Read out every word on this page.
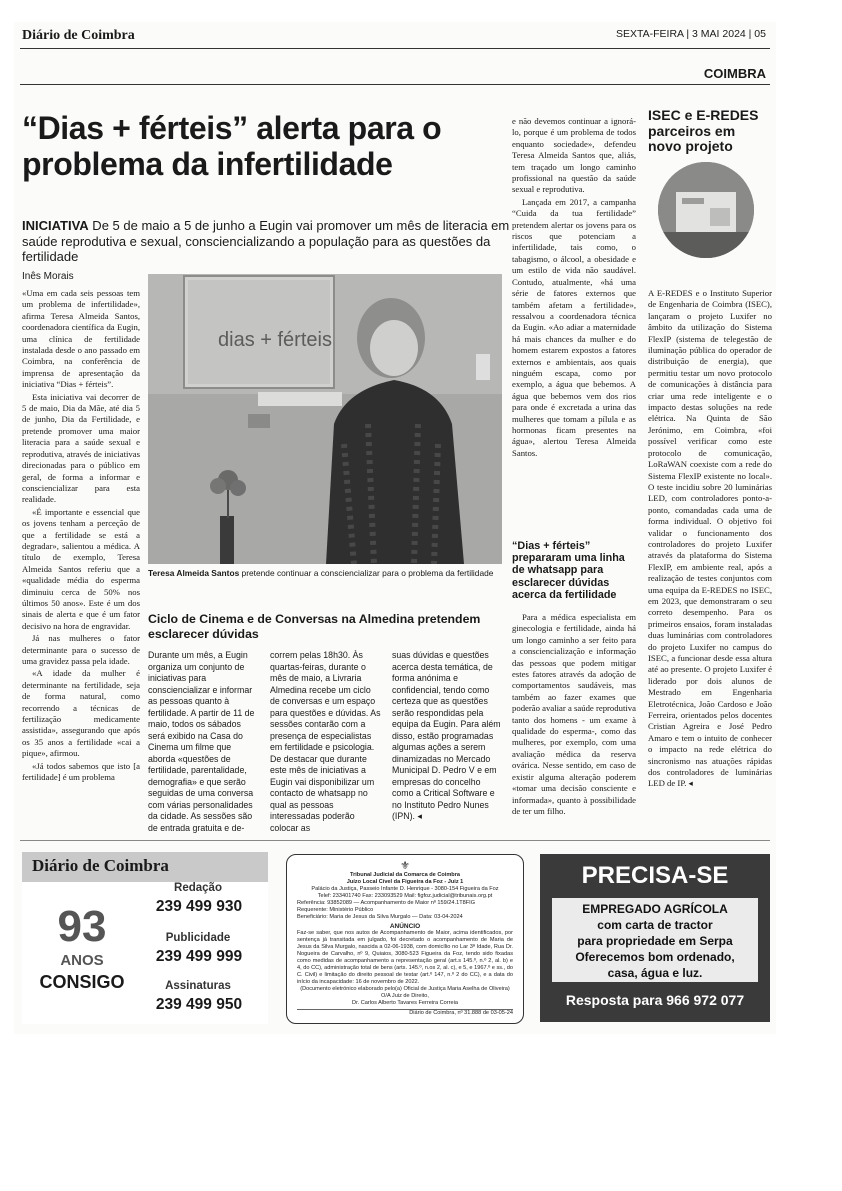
Diário de Coimbra	SEXTA-FEIRA | 3 MAI 2024 | 05
COIMBRA
“Dias + férteis” alerta para o problema da infertilidade
INICIATIVA De 5 de maio a 5 de junho a Eugin vai promover um mês de literacia em saúde reprodutiva e sexual, consciencializando a população para as questões da fertilidade
Inês Morais

«Uma em cada seis pessoas tem um problema de infertilidade», afirma Teresa Almeida Santos, coordenadora científica da Eugin, uma clínica de fertilidade instalada desde o ano passado em Coimbra, na conferência de imprensa de apresentação da iniciativa “Dias + férteis”.

Esta iniciativa vai decorrer de 5 de maio, Dia da Mãe, até dia 5 de junho, Dia da Fertilidade, e pretende promover uma maior literacia para a saúde sexual e reprodutiva, através de iniciativas direcionadas para o público em geral, de forma a informar e consciencializar para esta realidade.

«É importante e essencial que os jovens tenham a perceção de que a fertilidade se está a degradar», salientou a médica. A título de exemplo, Teresa Almeida Santos referiu que a «qualidade média do esperma diminuiu cerca de 50% nos últimos 50 anos». Este é um dos sinais de alerta e que é um fator decisivo na hora de engravidar.

Já nas mulheres o fator determinante para o sucesso de uma gravidez passa pela idade.

«A idade da mulher é determinante na fertilidade, seja de forma natural, como recorrendo a técnicas de fertilização medicamente assistida», assegurando que após os 35 anos a fertilidade «cai a pique», afirmou.

«Já todos sabemos que isto [a fertilidade] é um problema

dias + férteis
Teresa Almeida Santos pretende continuar a consciencializar para o problema da fertilidade

e não devemos continuar a ignorá-lo, porque é um problema de todos enquanto sociedade», defendeu Teresa Almeida Santos que, aliás, tem traçado um longo caminho profissional na questão da saúde sexual e reprodutiva.

Lançada em 2017, a campanha “Cuida da tua fertilidade” pretendem alertar os jovens para os riscos que potenciam a infertilidade, tais como, o tabagismo, o álcool, a obesidade e um estilo de vida não saudável. Contudo, atualmente, «há uma série de fatores externos que também afetam a fertilidade», ressalvou a coordenadora técnica da Eugin. «Ao adiar a maternidade há mais chances da mulher e do homem estarem expostos a fatores externos e ambientais, aos quais ninguém escapa, como por exemplo, a água que bebemos. A água que bebemos vem dos rios para onde é excretada a urina das mulheres que tomam a pílula e as hormonas ficam presentes na água», alertou Teresa Almeida Santos.

“Dias + férteis” prepararam uma linha de whatsapp para esclarecer dúvidas acerca da fertilidade

Para a médica especialista em ginecologia e fertilidade, ainda há um longo caminho a ser feito para a consciencialização e informação das pessoas que podem mitigar estes fatores através da adoção de comportamentos saudáveis, mas também ao fazer exames que poderão avaliar a saúde reprodutiva tanto dos homens - um exame à qualidade do esperma-, como das mulheres, por exemplo, com uma avaliação médica da reserva ovárica. Nesse sentido, em caso de existir alguma alteração poderem «tomar uma decisão consciente e informada», quanto à possibilidade de ter um filho.

Ciclo de Cinema e de Conversas na Almedina pretendem esclarecer dúvidas
Durante um mês, a Eugin organiza um conjunto de iniciativas para consciencializar e informar as pessoas quanto à fertilidade. A partir de 11 de maio, todos os sábados será exibido na Casa do Cinema um filme que aborda «questões de fertilidade, parentalidade, demografia» e que serão seguidas de uma conversa com várias personalidades da cidade. As sessões são de entrada gratuita e de-
correm pelas 18h30. Às quartas-feiras, durante o mês de maio, a Livraria Almedina recebe um ciclo de conversas e um espaço para questões e dúvidas. As sessões contarão com a presença de especialistas em fertilidade e psicologia. De destacar que durante este mês de iniciativas a Eugin vai disponibilizar um contacto de whatsapp no qual as pessoas interessadas poderão colocar as
suas dúvidas e questões acerca desta temática, de forma anónima e confidencial, tendo como certeza que as questões serão respondidas pela equipa da Eugin. Para além disso, estão programadas algumas ações a serem dinamizadas no Mercado Municipal D. Pedro V e em empresas do concelho como a Critical Software e no Instituto Pedro Nunes (IPN). ◂
ISEC e E-REDES parceiros em novo projeto

A E-REDES e o Instituto Superior de Engenharia de Coimbra (ISEC), lançaram o projeto Luxifer no âmbito da utilização do Sistema FlexIP (sistema de telegestão de iluminação pública do operador de distribuição de energia), que permitiu testar um novo protocolo de comunicações à distância para criar uma rede inteligente e o impacto destas soluções na rede elétrica. Na Quinta de São Jerónimo, em Coimbra, «foi possível verificar como este protocolo de comunicação, LoRaWAN coexiste com a rede do Sistema FlexIP existente no local». O teste incidiu sobre 20 luminárias LED, com controladores ponto-a-ponto, comandadas cada uma de forma individual. O objetivo foi validar o funcionamento dos controladores do projeto Luxifer através da plataforma do Sistema FlexIP, em ambiente real, após a realização de testes conjuntos com uma equipa da E-REDES no ISEC, em 2023, que demonstraram o seu correto desempenho. Para os primeiros ensaios, foram instaladas duas luminárias com controladores do projeto Luxifer no campus do ISEC, a funcionar desde essa altura até ao presente. O projeto Luxifer é liderado por dois alunos de Mestrado em Engenharia Eletrotécnica, João Cardoso e João Ferreira, orientados pelos docentes Cristian Agreira e José Pedro Amaro e tem o intuito de conhecer o impacto na rede elétrica do sincronismo nas atuações rápidas dos controladores de luminárias LED de IP. ◂

Diário de Coimbra
93
ANOS
CONSIGO
Redação
239 499 930
Publicidade
239 499 999
Assinaturas
239 499 950
⚜
Tribunal Judicial da Comarca de Coimbra
Juízo Local Cível da Figueira da Foz - Juiz 1
Palácio da Justiça, Passeio Infante D. Henrique - 3080-154 Figueira da Foz
Telef: 233401740 Fax: 233093529 Mail: figfoz.judicial@tribunais.org.pt
Referência: 93852089 — Acompanhamento de Maior nº 159/24.1T8FIG
Requerente: Ministério Público
Beneficiário: Maria de Jesus da Silva Murgalo — Data: 03-04-2024
ANÚNCIO
Faz-se saber, que nos autos de Acompanhamento de Maior, acima identificados, por sentença já transitada em julgado, foi decretado o acompanhamento de Maria de Jesus da Silva Murgalo, nascida a 02-06-1938, com domicílio no Lar 3ª Idade, Rua Dr. Nogueira de Carvalho, nº 9, Quiaios, 3080-523 Figueira da Foz, tendo sido fixadas como medidas de acompanhamento a representação geral (art.s 145.º, n.º 2, al. b) e 4, do CC), administração total de bens (arts. 145.º, n.os 2, al. c), e 5, e 1967.º e ss., do C. Civil) e limitação do direito pessoal de testar (art.º 147, n.º 2 do CC), e a data do início da incapacidade: 16 de novembro de 2022.
(Documento eletrónico elaborado pelo(a) Oficial de Justiça Maria Aselha de Oliveira)
O/A Juiz de Direito,
Dr. Carlos Alberto Tavares Ferreira Correia
Diário de Coimbra, nº 31.888 de 03-05-24
PRECISA-SE
EMPREGADO AGRÍCOLA
com carta de tractor
para propriedade em Serpa
Oferecemos bom ordenado,
casa, água e luz.
Resposta para 966 972 077
